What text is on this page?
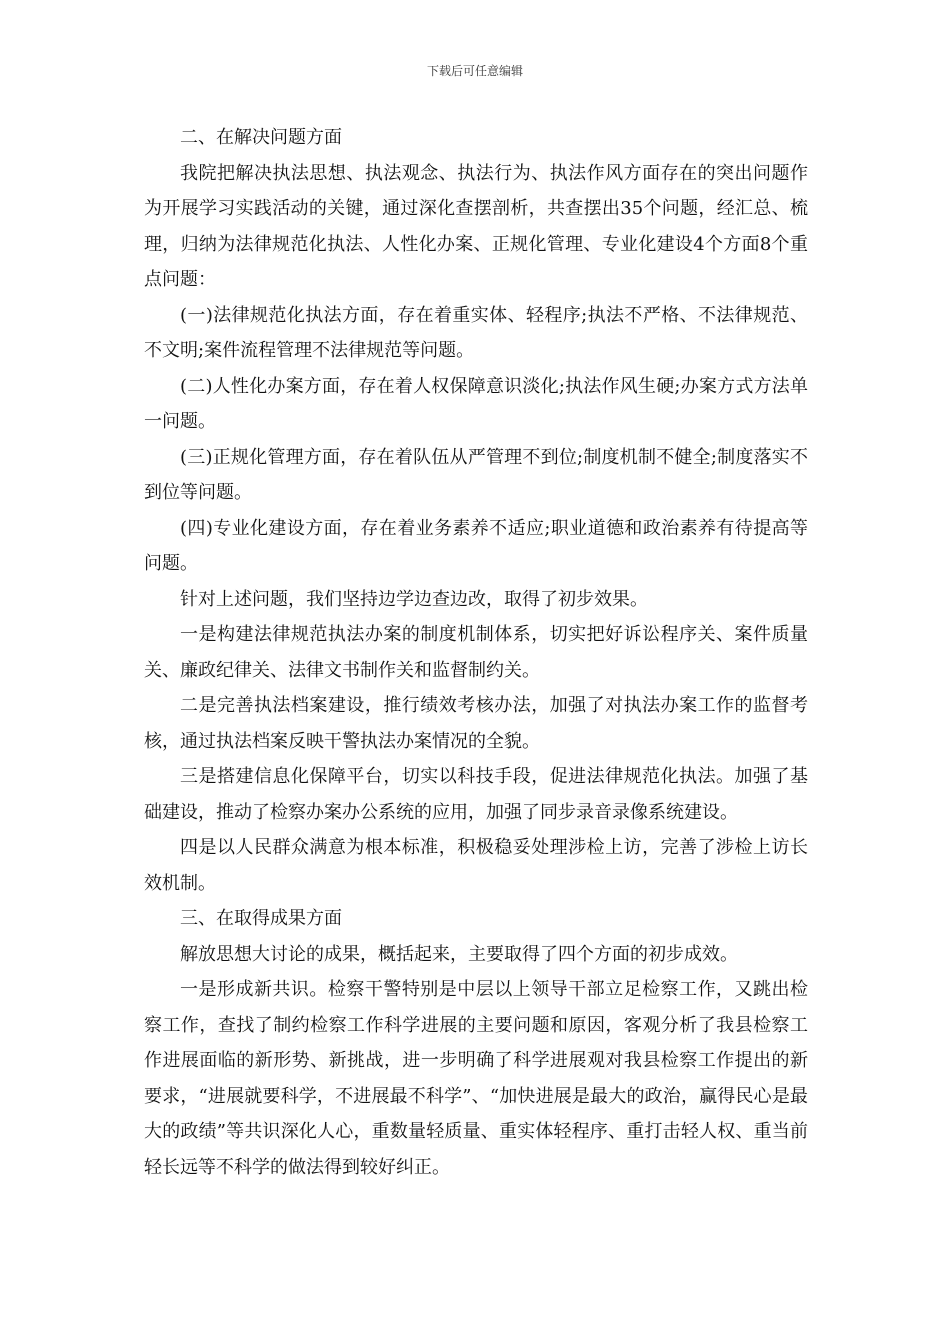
下载后可任意编辑

二、在解决问题方面

我院把解决执法思想、执法观念、执法行为、执法作风方面存在的突出问题作为开展学习实践活动的关键，通过深化查摆剖析，共查摆出35个问题，经汇总、梳理，归纳为法律规范化执法、人性化办案、正规化管理、专业化建设4个方面8个重点问题：

(一)法律规范化执法方面，存在着重实体、轻程序;执法不严格、不法律规范、不文明;案件流程管理不法律规范等问题。

(二)人性化办案方面，存在着人权保障意识淡化;执法作风生硬;办案方式方法单一问题。

(三)正规化管理方面，存在着队伍从严管理不到位;制度机制不健全;制度落实不到位等问题。

(四)专业化建设方面，存在着业务素养不适应;职业道德和政治素养有待提高等问题。

针对上述问题，我们坚持边学边查边改，取得了初步效果。

一是构建法律规范执法办案的制度机制体系，切实把好诉讼程序关、案件质量关、廉政纪律关、法律文书制作关和监督制约关。

二是完善执法档案建设，推行绩效考核办法，加强了对执法办案工作的监督考核，通过执法档案反映干警执法办案情况的全貌。

三是搭建信息化保障平台，切实以科技手段，促进法律规范化执法。加强了基础建设，推动了检察办案办公系统的应用，加强了同步录音录像系统建设。

四是以人民群众满意为根本标准，积极稳妥处理涉检上访，完善了涉检上访长效机制。

三、在取得成果方面

解放思想大讨论的成果，概括起来，主要取得了四个方面的初步成效。

一是形成新共识。检察干警特别是中层以上领导干部立足检察工作，又跳出检察工作，查找了制约检察工作科学进展的主要问题和原因，客观分析了我县检察工作进展面临的新形势、新挑战，进一步明确了科学进展观对我县检察工作提出的新要求，“进展就要科学，不进展最不科学”、“加快进展是最大的政治，赢得民心是最大的政绩”等共识深化人心，重数量轻质量、重实体轻程序、重打击轻人权、重当前轻长远等不科学的做法得到较好纠正。
